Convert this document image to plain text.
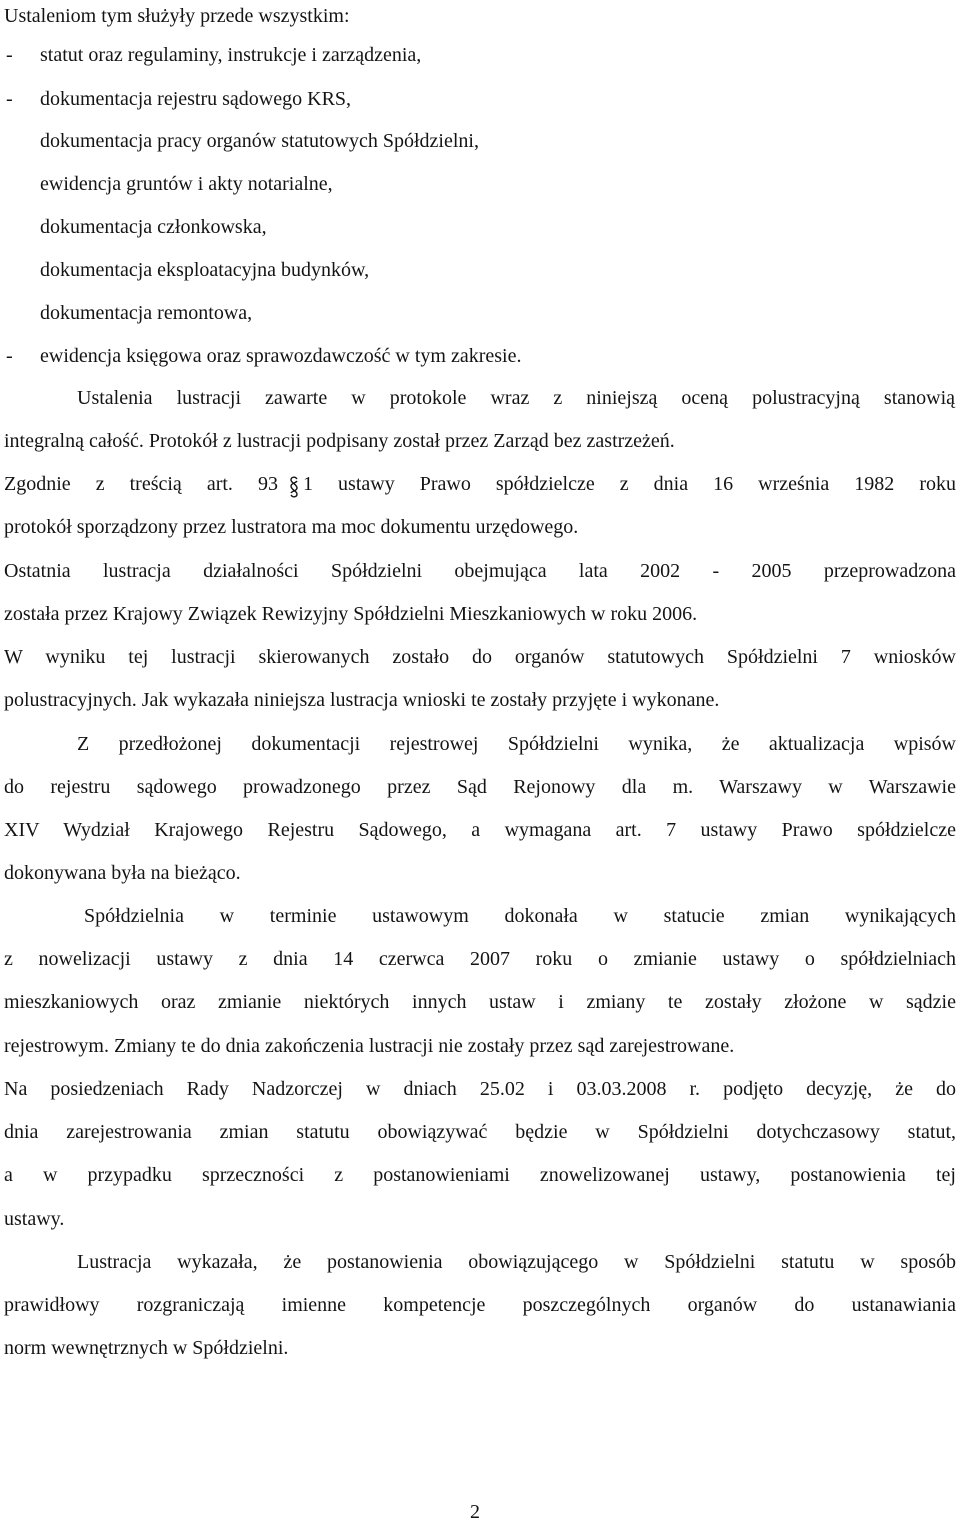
Ustaleniom tym służyły przede wszystkim:
- statut oraz regulaminy, instrukcje i zarządzenia,
- dokumentacja rejestru sądowego KRS,
dokumentacja pracy organów statutowych Spółdzielni,
ewidencja gruntów i akty notarialne,
dokumentacja członkowska,
dokumentacja eksploatacyjna budynków,
dokumentacja remontowa,
- ewidencja księgowa oraz sprawozdawczość w tym zakresie.
Ustalenia lustracji zawarte w protokole wraz z niniejszą oceną polustracyjną stanowią
integralną całość. Protokół z lustracji podpisany został przez Zarząd bez zastrzeżeń.
Zgodnie z treścią art. 93 1 ustawy Prawo spółdzielcze z dnia 16 września 1982 roku
protokół sporządzony przez lustratora ma moc dokumentu urzędowego.
Ostatnia lustracja działalności Spółdzielni obejmująca lata 2002 - 2005 przeprowadzona
została przez Krajowy Związek Rewizyjny Spółdzielni Mieszkaniowych w roku 2006.
W wyniku tej lustracji skierowanych zostało do organów statutowych Spółdzielni 7 wniosków
polustracyjnych. Jak wykazała niniejsza lustracja wnioski te zostały przyjęte i wykonane.
Z przedłożonej dokumentacji rejestrowej Spółdzielni wynika, że aktualizacja wpisów
do rejestru sądowego prowadzonego przez Sąd Rejonowy dla m. Warszawy w Warszawie
XIV Wydział Krajowego Rejestru Sądowego, a wymagana art. 7 ustawy Prawo spółdzielcze
dokonywana była na bieżąco.
Spółdzielnia w terminie ustawowym dokonała w statucie zmian wynikających
z nowelizacji ustawy z dnia 14 czerwca 2007 roku o zmianie ustawy o spółdzielniach
mieszkaniowych oraz zmianie niektórych innych ustaw i zmiany te zostały złożone w sądzie
rejestrowym. Zmiany te do dnia zakończenia lustracji nie zostały przez sąd zarejestrowane.
Na posiedzeniach Rady Nadzorczej w dniach 25.02 i 03.03.2008 r. podjęto decyzję, że do
dnia zarejestrowania zmian statutu obowiązywać będzie w Spółdzielni dotychczasowy statut,
a w przypadku sprzeczności z postanowieniami znowelizowanej ustawy, postanowienia tej
ustawy.
Lustracja wykazała, że postanowienia obowiązującego w Spółdzielni statutu w sposób
prawidłowy rozgraniczają imienne kompetencje poszczególnych organów do ustanawiania
norm wewnętrznych w Spółdzielni.
2
